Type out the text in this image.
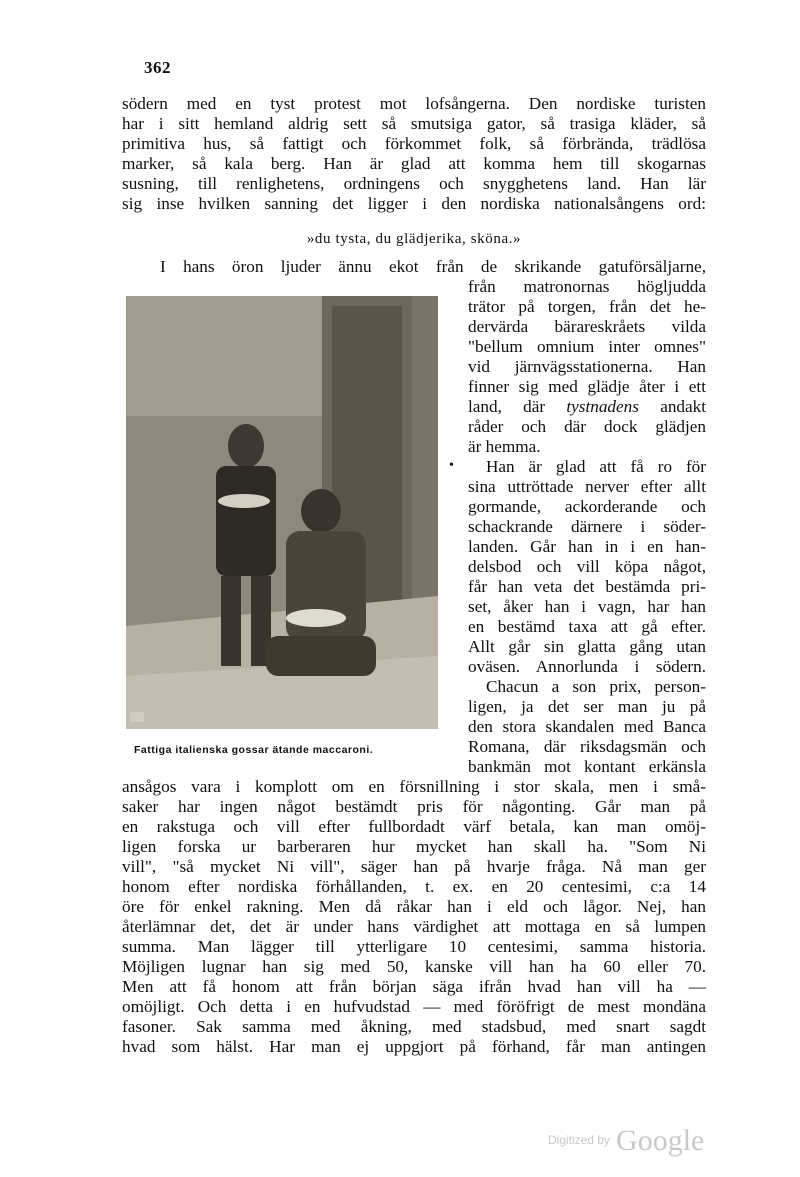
362
södern med en tyst protest mot lofsångerna. Den nordiske turisten
har i sitt hemland aldrig sett så smutsiga gator, så trasiga kläder, så
primitiva hus, så fattigt och förkommet folk, så förbrända, trädlösa
marker, så kala berg. Han är glad att komma hem till skogarnas
susning, till renlighetens, ordningens och snygghetens land. Han lär
sig inse hvilken sanning det ligger i den nordiska nationalsångens ord:
»du tysta, du glädjerika, sköna.»
I hans öron ljuder ännu ekot från de skrikande gatuförsäljarne,
Fattiga italienska gossar ätande maccaroni.
från matronornas högljudda
trätor på torgen, från det he-
dervärda bärareskråets vilda
"bellum omnium inter omnes"
vid järnvägsstationerna. Han
finner sig med glädje åter i ett
land, där tystnadens andakt
råder och där dock glädjen
är hemma.
• Han är glad att få ro för
sina uttröttade nerver efter allt
gormande, ackorderande och
schackrande därnere i söder-
landen. Går han in i en han-
delsbod och vill köpa något,
får han veta det bestämda pri-
set, åker han i vagn, har han
en bestämd taxa att gå efter.
Allt går sin glatta gång utan
oväsen. Annorlunda i södern.
Chacun a son prix, person-
ligen, ja det ser man ju på
den stora skandalen med Banca
Romana, där riksdagsmän och
bankmän mot kontant erkänsla
ansågos vara i komplott om en försnillning i stor skala, men i små-
saker har ingen något bestämdt pris för någonting. Går man på
en rakstuga och vill efter fullbordadt värf betala, kan man omöj-
ligen forska ur barberaren hur mycket han skall ha. "Som Ni
vill", "så mycket Ni vill", säger han på hvarje fråga. Nå man ger
honom efter nordiska förhållanden, t. ex. en 20 centesimi, c:a 14
öre för enkel rakning. Men då råkar han i eld och lågor. Nej, han
återlämnar det, det är under hans värdighet att mottaga en så lumpen
summa. Man lägger till ytterligare 10 centesimi, samma historia.
Möjligen lugnar han sig med 50, kanske vill han ha 60 eller 70.
Men att få honom att från början säga ifrån hvad han vill ha —
omöjligt. Och detta i en hufvudstad — med föröfrigt de mest mondäna
fasoner. Sak samma med åkning, med stadsbud, med snart sagdt
hvad som hälst. Har man ej uppgjort på förhand, får man antingen
$^{Digitized by}$ Google
